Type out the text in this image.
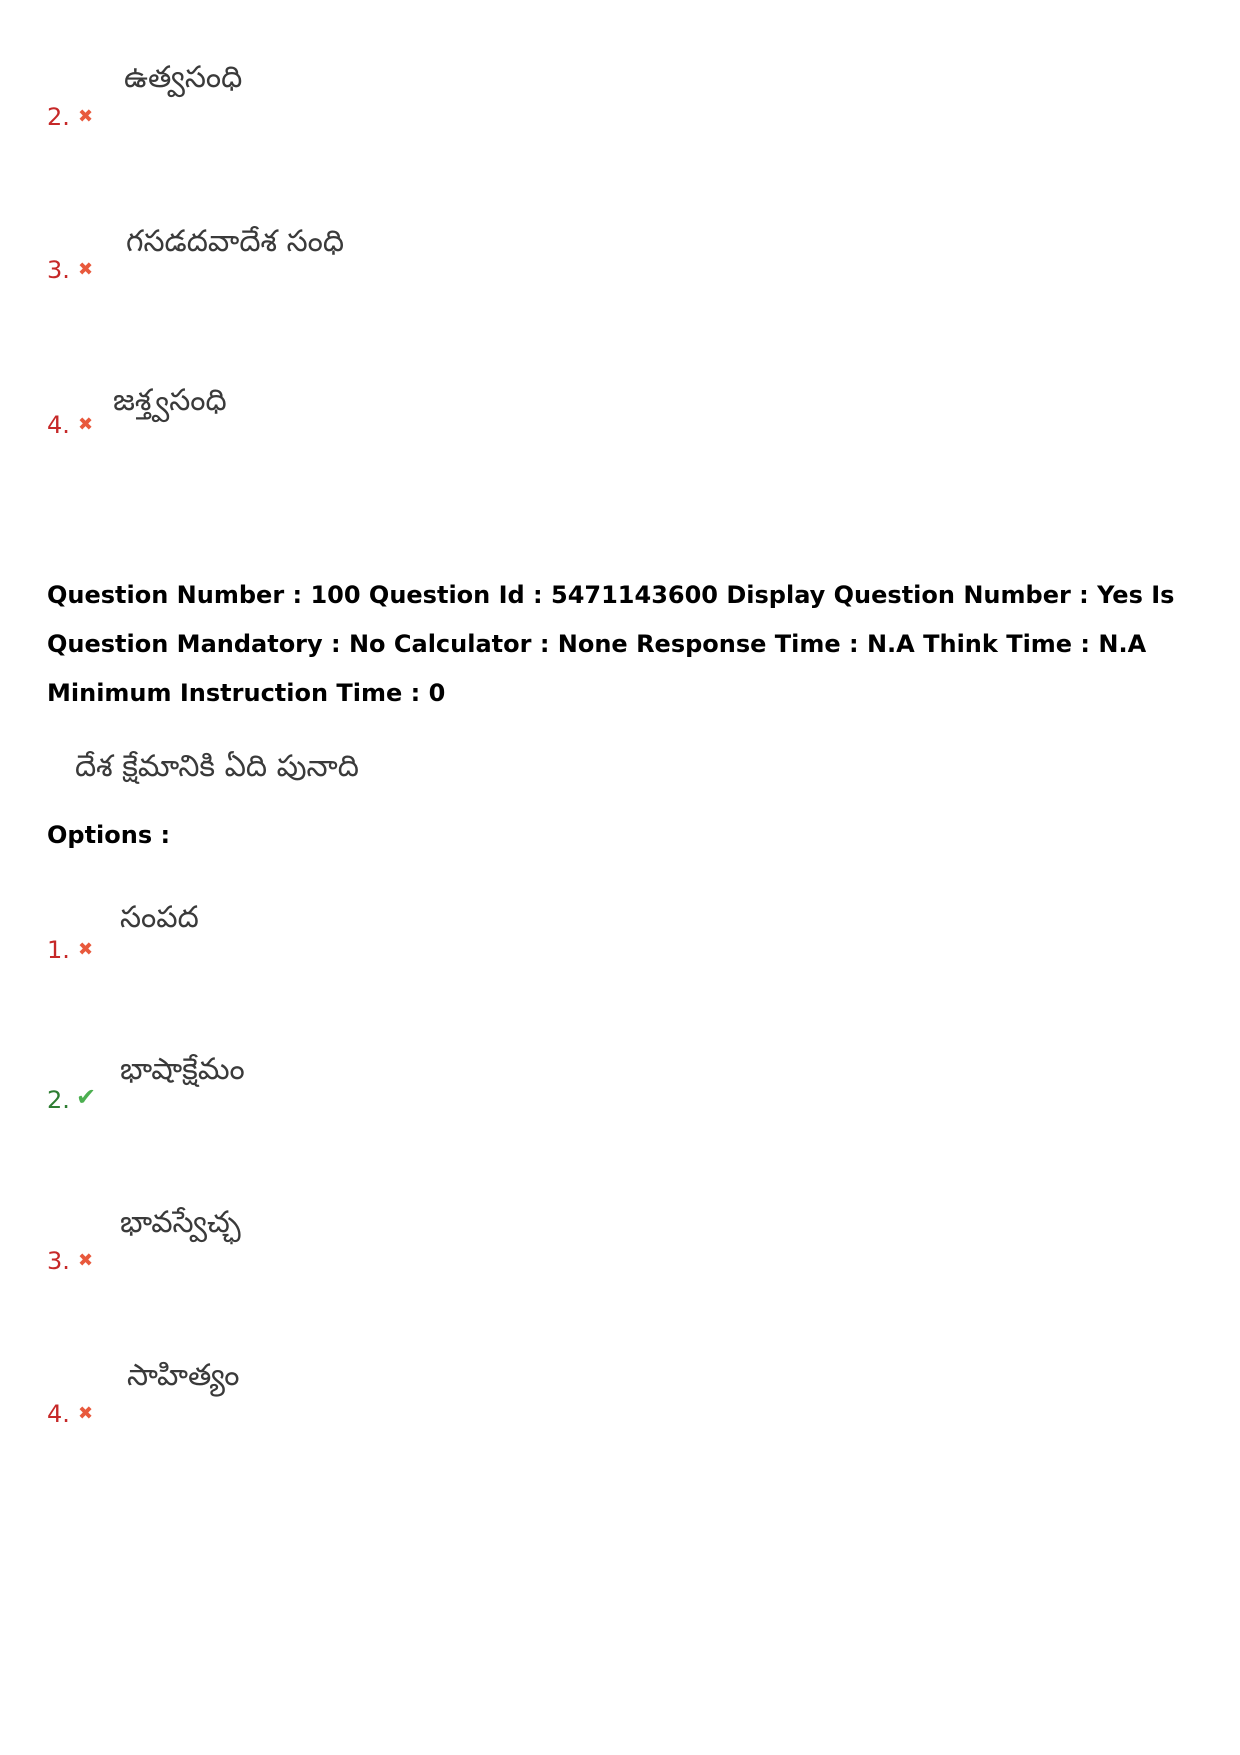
ఉత్వసంధి
2. ✖
గసడదవాదేశ సంధి
3. ✖
జశ్త్వసంధి
4. ✖
Question Number : 100 Question Id : 5471143600 Display Question Number : Yes Is Question Mandatory : No Calculator : None Response Time : N.A Think Time : N.A Minimum Instruction Time : 0
దేశ క్షేమానికి ఏది పునాది
Options :
సంపద
1. ✖
భాషాక్షేమం
2. ✔
భావస్వేచ్ఛ
3. ✖
సాహిత్యం
4. ✖
